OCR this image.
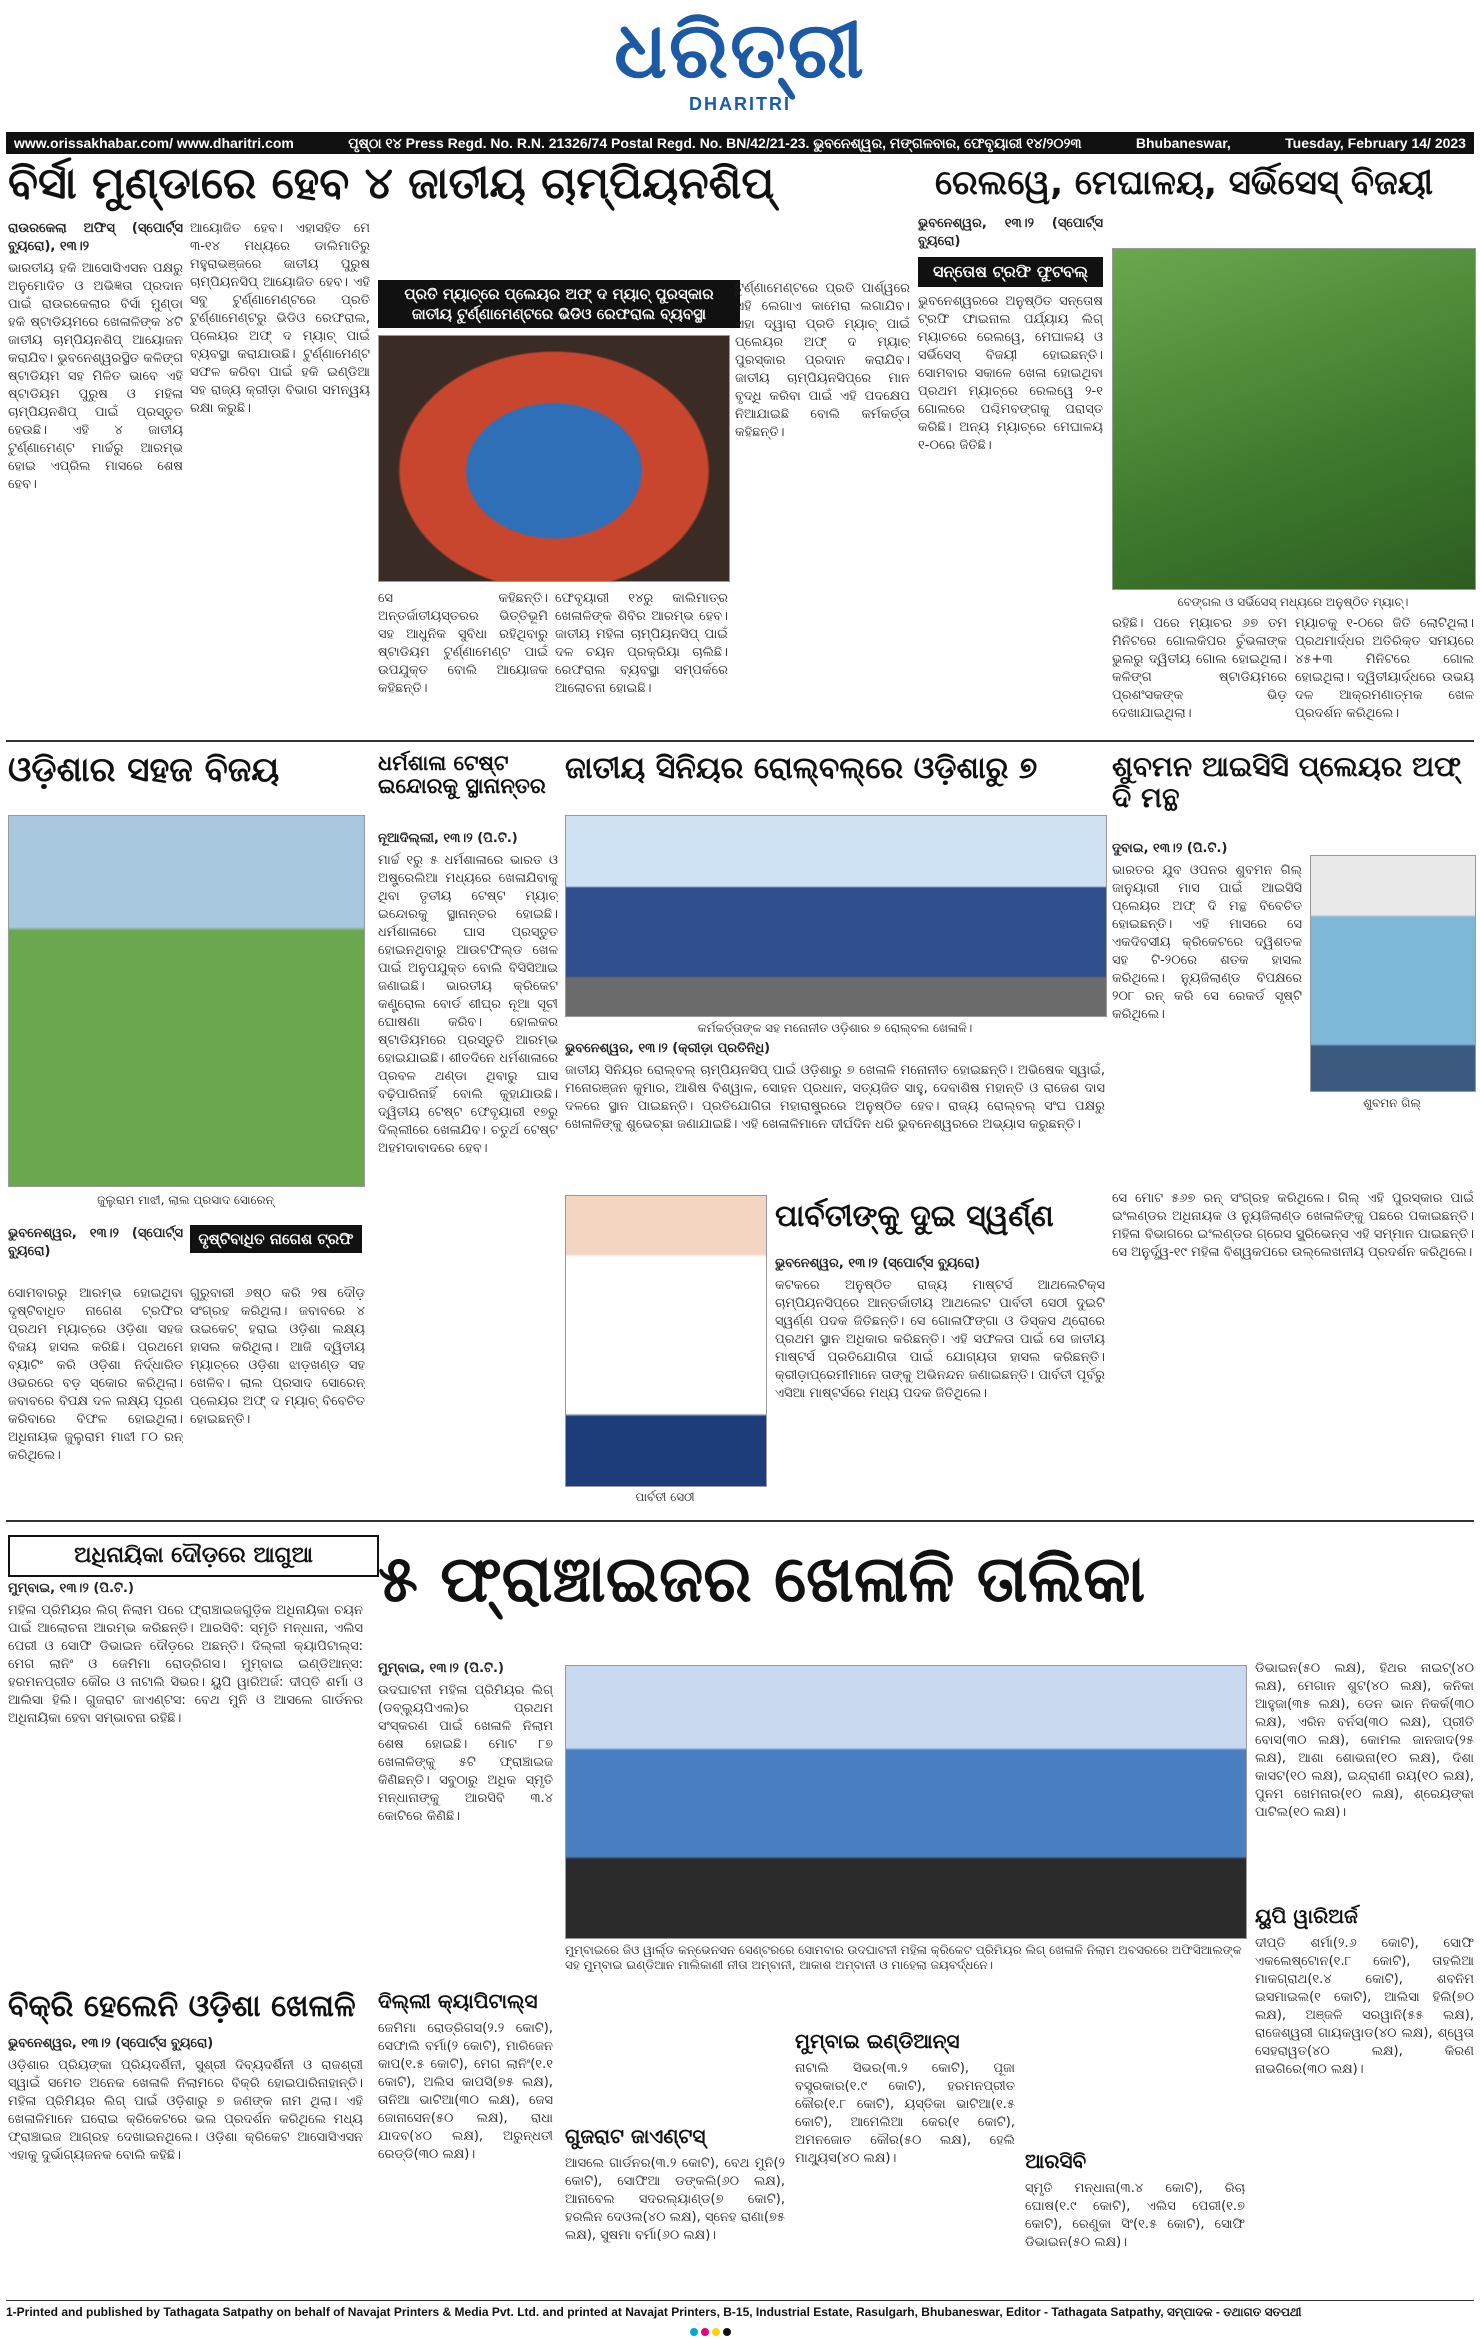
ଧରିତ୍ରୀ
DHARITRI
www.orissakhabar.com/ www.dharitri.com	ପୃଷ୍ଠା ୧୪ Press Regd. No. R.N. 21326/74 Postal Regd. No. BN/42/21-23. ଭୁବନେଶ୍ୱର, ମଙ୍ଗଳବାର, ଫେବୃୟାରୀ ୧୪/୨୦୨୩	Bhubaneswar,	Tuesday, February 14/ 2023
ବିର୍ସା ମୁଣ୍ଡାରେ ହେବ ୪ ଜାତୀୟ ଚାମ୍ପିୟନଶିପ୍
ରାଉରକେଲା ଅଫିସ୍ (ସ୍ପୋର୍ଟ୍ସ ବ୍ୟୁରୋ), ୧୩।୨

ଭାରତୀୟ ହକି ଆସୋସିଏସନ ପକ୍ଷରୁ ଅନୁମୋଦିତ ଓ ଅଭିଜ୍ଞତା ପ୍ରଦାନ ପାଇଁ ରାଉରକେଲାର ବିର୍ସା ମୁଣ୍ଡା ହକି ଷ୍ଟାଡିୟମରେ ଖେଳାଳିଙ୍କ ୪ଟି ଜାତୀୟ ଚାମ୍ପିୟନଶିପ୍ ଆୟୋଜନ କରାଯିବ। ଭୁବନେଶ୍ୱରସ୍ଥିତ କଳିଙ୍ଗ ଷ୍ଟାଡିୟମ ସହ ମିଳିତ ଭାବେ ଏହି ଷ୍ଟାଡିୟମ ପୁରୁଷ ଓ ମହିଳା ଚାମ୍ପିୟନଶିପ୍ ପାଇଁ ପ୍ରସ୍ତୁତ ହେଉଛି। ଏହି ୪ ଜାତୀୟ ଟୁର୍ଣ୍ଣାମେଣ୍ଟ ମାର୍ଚ୍ଚରୁ ଆରମ୍ଭ ହୋଇ ଏପ୍ରିଲ ମାସରେ ଶେଷ ହେବ।

ଆୟୋଜିତ ହେବ। ଏହାସହିତ ମେ ୩-୧୪ ମଧ୍ୟରେ ଡାଲିମାତିରୁ ମହୁରାଭଞ୍ଜରେ ଜାତୀୟ ପୁରୁଷ ଚାମ୍ପିୟନସିପ୍ ଆୟୋଜିତ ହେବ। ଏହି ସବୁ ଟୁର୍ଣ୍ଣାମେଣ୍ଟରେ ପ୍ରତି ଟୁର୍ଣ୍ଣାମେଣ୍ଟରୁ ଭିଡିଓ ରେଫରାଲ, ପ୍ଲେୟର ଅଫ୍ ଦ ମ୍ୟାଚ୍ ପାଇଁ ବ୍ୟବସ୍ଥା କରାଯାଉଛି। ଟୁର୍ଣ୍ଣାମେଣ୍ଟ ସଫଳ କରିବା ପାଇଁ ହକି ଇଣ୍ଡିଆ ସହ ରାଜ୍ୟ କ୍ରୀଡ଼ା ବିଭାଗ ସମନ୍ୱୟ ରକ୍ଷା କରୁଛି।

ପ୍ରତି ମ୍ୟାଚ୍‌ରେ ପ୍ଲେୟର ଅଫ୍ ଦ ମ୍ୟାଚ୍ ପୁରସ୍କାର ଜାତୀୟ ଟୁର୍ଣ୍ଣାମେଣ୍ଟରେ ଭିଡିଓ ରେଫରାଲ ବ୍ୟବସ୍ଥା

ସେ କହିଛନ୍ତି। ଅନ୍ତର୍ଜାତୀୟସ୍ତରର ଭିତ୍ତିଭୂମି ସହ ଆଧୁନିକ ସୁବିଧା ରହିଥିବାରୁ ଷ୍ଟାଡିୟମ ଟୁର୍ଣ୍ଣାମେଣ୍ଟ ପାଇଁ ଉପଯୁକ୍ତ ବୋଲି ଆୟୋଜକ କହିଛନ୍ତି।

ଫେବୃୟାରୀ ୧୪ରୁ କାଲିମାତ୍ର ଖେଳାଳିଙ୍କ ଶିବିର ଆରମ୍ଭ ହେବ। ଜାତୀୟ ମହିଳା ଚାମ୍ପିୟନସିପ୍ ପାଇଁ ଦଳ ଚୟନ ପ୍ରକ୍ରିୟା ଚାଲିଛି। ରେଫରାଲ ବ୍ୟବସ୍ଥା ସମ୍ପର୍କରେ ଆଲୋଚନା ହୋଇଛି।

ରେଲୱେ, ମେଘାଳୟ, ସର୍ଭିସେସ୍ ବିଜୟୀ

ଟୁର୍ଣ୍ଣାମେଣ୍ଟରେ ପ୍ରତି ପାର୍ଶ୍ୱରେ ଏହି ଲେଗାଏ କାମେରା ଲଗାଯିବ। ଏହା ଦ୍ୱାରା ପ୍ରତି ମ୍ୟାଚ୍ ପାଇଁ ପ୍ଲେୟର ଅଫ୍ ଦ ମ୍ୟାଚ୍ ପୁରସ୍କାର ପ୍ରଦାନ କରାଯିବ। ଜାତୀୟ ଚାମ୍ପିୟନସିପ୍‌ରେ ମାନ ବୃଦ୍ଧି କରିବା ପାଇଁ ଏହି ପଦକ୍ଷେପ ନିଆଯାଇଛି ବୋଲି କର୍ମକର୍ତ୍ତା କହିଛନ୍ତି।

ଭୁବନେଶ୍ୱର, ୧୩।୨ (ସ୍ପୋର୍ଟ୍ସ ବ୍ୟୁରୋ)
ସନ୍ତୋଷ ଟ୍ରଫି ଫୁଟବଲ୍

ଭୁବନେଶ୍ୱରରେ ଅନୁଷ୍ଠିତ ସନ୍ତୋଷ ଟ୍ରଫି ଫାଇନାଲ ପର୍ଯ୍ୟାୟ ଲିଗ୍ ମ୍ୟାଚରେ ରେଲୱେ, ମେଘାଳୟ ଓ ସର୍ଭିସେସ୍ ବିଜୟୀ ହୋଇଛନ୍ତି। ସୋମବାର ସକାଳେ ଖେଳା ହୋଇଥିବା ପ୍ରଥମ ମ୍ୟାଚ୍‌ରେ ରେଲୱେ ୨-୧ ଗୋଲରେ ପଶ୍ଚିମବଙ୍ଗକୁ ପରାସ୍ତ କରିଛି। ଅନ୍ୟ ମ୍ୟାଚ୍‌ରେ ମେଘାଳୟ ୧-୦ରେ ଜିତିଛି।

ବେଙ୍ଗଲ ଓ ସର୍ଭିସେସ୍ ମଧ୍ୟରେ ଅନୁଷ୍ଠିତ ମ୍ୟାଚ୍।

ରହିଛି। ପରେ ମ୍ୟାଚର ୬୭ ତମ ମିନିଟରେ ଗୋଲକିପର ଚୁଁଭଳାଙ୍କ ଭୁଲରୁ ଦ୍ୱିତୀୟ ଗୋଲ ହୋଇଥିଲା। କଳିଙ୍ଗ ଷ୍ଟାଡିୟମରେ ପ୍ରଶଂସକଙ୍କ ଭିଡ଼ ଦେଖାଯାଇଥିଲା।

ମ୍ୟାଚକୁ ୧-୦ରେ ଜିତି ଲୋଟିଥିଲା। ପ୍ରଥମାର୍ଦ୍ଧର ଅତିରିକ୍ତ ସମୟରେ ୪୫+୩ ମିନିଟରେ ଗୋଲ ହୋଇଥିଲା। ଦ୍ୱିତୀୟାର୍ଦ୍ଧରେ ଉଭୟ ଦଳ ଆକ୍ରମଣାତ୍ମକ ଖେଳ ପ୍ରଦର୍ଶନ କରିଥିଲେ।

ଓଡ଼ିଶାର ସହଜ ବିଜୟ
ଜୁଲୁରାମ ମାଝୀ, ଲାଲ ପ୍ରସାଦ ସୋରେନ୍
ଭୁବନେଶ୍ୱର, ୧୩।୨ (ସ୍ପୋର୍ଟ୍ସ ବ୍ୟୁରୋ)
ଦୃଷ୍ଟିବାଧିତ ନାଗେଶ ଟ୍ରଫି

ସୋମବାରରୁ ଆରମ୍ଭ ହୋଇଥିବା ଦୃଷ୍ଟିବାଧିତ ନାଗେଶ ଟ୍ରଫିର ପ୍ରଥମ ମ୍ୟାଚ୍‌ରେ ଓଡ଼ିଶା ସହଜ ବିଜୟ ହାସଲ କରିଛି। ପ୍ରଥମେ ବ୍ୟାଟିଂ କରି ଓଡ଼ିଶା ନିର୍ଦ୍ଧାରିତ ଓଭରରେ ବଡ଼ ସ୍କୋର କରିଥିଲା। ଜବାବରେ ବିପକ୍ଷ ଦଳ ଲକ୍ଷ୍ୟ ପୂରଣ କରିବାରେ ବିଫଳ ହୋଇଥିଲା। ଅଧିନାୟକ ଜୁଲୁରାମ ମାଝୀ ୮୦ ରନ୍ କରିଥିଲେ।

ଗୁରୁବାରୀ ୬ଷ୍ଠ କରି ୨ଷ ଦୌଡ଼ ସଂଗ୍ରହ କରିଥିଲା। ଜବାବରେ ୪ ଉଇକେଟ୍ ହରାଇ ଓଡ଼ିଶା ଲକ୍ଷ୍ୟ ହାସଲ କରିଥିଲା। ଆଜି ଦ୍ୱିତୀୟ ମ୍ୟାଚ୍‌ରେ ଓଡ଼ିଶା ଝାଡ଼ଖଣ୍ଡ ସହ ଖେଳିବ। ଲାଲ ପ୍ରସାଦ ସୋରେନ୍ ପ୍ଲେୟର ଅଫ୍ ଦ ମ୍ୟାଚ୍ ବିବେଚିତ ହୋଇଛନ୍ତି।

ଧର୍ମଶାଳା ଟେଷ୍ଟ ଇନ୍ଦୋରକୁ ସ୍ଥାନାନ୍ତର
ନୂଆଦିଲ୍ଲୀ, ୧୩।୨ (ପି.ଟି.)

ମାର୍ଚ୍ଚ ୧ରୁ ୫ ଧର୍ମଶାଳାରେ ଭାରତ ଓ ଅଷ୍ଟ୍ରେଲିଆ ମଧ୍ୟରେ ଖେଳାଯିବାକୁ ଥିବା ତୃତୀୟ ଟେଷ୍ଟ ମ୍ୟାଚ୍ ଇନ୍ଦୋରକୁ ସ୍ଥାନାନ୍ତର ହୋଇଛି। ଧର୍ମଶାଳାରେ ଘାସ ପ୍ରସ୍ତୁତ ହୋଇନଥିବାରୁ ଆଉଟଫିଲ୍ଡ ଖେଳ ପାଇଁ ଅନୁପଯୁକ୍ତ ବୋଲି ବିସିସିଆଇ ଜଣାଇଛି। ଭାରତୀୟ କ୍ରିକେଟ କଣ୍ଟ୍ରୋଲ ବୋର୍ଡ ଶୀଘ୍ର ନୂଆ ସୂଚୀ ଘୋଷଣା କରିବ। ହୋଲକର ଷ୍ଟାଡିୟମରେ ପ୍ରସ୍ତୁତି ଆରମ୍ଭ ହୋଇଯାଇଛି। ଶୀତଦିନେ ଧର୍ମଶାଳାରେ ପ୍ରବଳ ଥଣ୍ଡା ଥିବାରୁ ଘାସ ବଢ଼ିପାରିନାହିଁ ବୋଲି କୁହାଯାଉଛି। ଦ୍ୱିତୀୟ ଟେଷ୍ଟ ଫେବୃୟାରୀ ୧୭ରୁ ଦିଲ୍ଲୀରେ ଖେଳାଯିବ। ଚତୁର୍ଥ ଟେଷ୍ଟ ଅହମଦାବାଦରେ ହେବ।

ଜାତୀୟ ସିନିୟର ରୋଲ୍‌ବଲ୍‌ରେ ଓଡ଼ିଶାରୁ ୭
କର୍ମକର୍ତ୍ତାଙ୍କ ସହ ମନୋନୀତ ଓଡ଼ିଶାର ୭ ରୋଲ୍‌ବଲ ଖେଳାଳି।
ଭୁବନେଶ୍ୱର, ୧୩।୨ (କ୍ରୀଡ଼ା ପ୍ରତିନିଧି)

ଜାତୀୟ ସିନିୟର ରୋଲ୍‌ବଲ୍ ଚାମ୍ପିୟନସିପ୍ ପାଇଁ ଓଡ଼ିଶାରୁ ୭ ଖେଳାଳି ମନୋନୀତ ହୋଇଛନ୍ତି। ଅଭିଷେକ ସ୍ୱାଇଁ, ମନୋରଞ୍ଜନ କୁମାର, ଆଶିଷ ବିଶ୍ୱାଳ, ସୋହନ ପ୍ରଧାନ, ସତ୍ୟଜିତ ସାହୁ, ଦେବାଶିଷ ମହାନ୍ତି ଓ ରାଜେଶ ଦାସ ଦଳରେ ସ୍ଥାନ ପାଇଛନ୍ତି। ପ୍ରତିଯୋଗିତା ମହାରାଷ୍ଟ୍ରରେ ଅନୁଷ୍ଠିତ ହେବ। ରାଜ୍ୟ ରୋଲ୍‌ବଲ୍ ସଂଘ ପକ୍ଷରୁ ଖେଳାଳିଙ୍କୁ ଶୁଭେଚ୍ଛା ଜଣାଯାଇଛି। ଏହି ଖେଳାଳିମାନେ ଦୀର୍ଘଦିନ ଧରି ଭୁବନେଶ୍ୱରରେ ଅଭ୍ୟାସ କରୁଛନ୍ତି।

ପାର୍ବତୀ ସେଠୀ
ପାର୍ବତୀଙ୍କୁ ଦୁଇ ସ୍ୱର୍ଣ୍ଣ
ଭୁବନେଶ୍ୱର, ୧୩।୨ (ସ୍ପୋର୍ଟ୍ସ ବ୍ୟୁରୋ)

କଟକରେ ଅନୁଷ୍ଠିତ ରାଜ୍ୟ ମାଷ୍ଟର୍ସ ଆଥଲେଟିକ୍ସ ଚାମ୍ପିୟନସିପ୍‌ରେ ଆନ୍ତର୍ଜାତୀୟ ଆଥଲେଟ ପାର୍ବତୀ ସେଠୀ ଦୁଇଟି ସ୍ୱର୍ଣ୍ଣ ପଦକ ଜିତିଛନ୍ତି। ସେ ଗୋଳାଫିଙ୍ଗା ଓ ଡିସ୍କସ ଥ୍ରୋରେ ପ୍ରଥମ ସ୍ଥାନ ଅଧିକାର କରିଛନ୍ତି। ଏହି ସଫଳତା ପାଇଁ ସେ ଜାତୀୟ ମାଷ୍ଟର୍ସ ପ୍ରତିଯୋଗିତା ପାଇଁ ଯୋଗ୍ୟତା ହାସଲ କରିଛନ୍ତି। କ୍ରୀଡ଼ାପ୍ରେମୀମାନେ ତାଙ୍କୁ ଅଭିନନ୍ଦନ ଜଣାଇଛନ୍ତି। ପାର୍ବତୀ ପୂର୍ବରୁ ଏସିଆ ମାଷ୍ଟର୍ସରେ ମଧ୍ୟ ପଦକ ଜିତିଥିଲେ।

ଶୁବମନ ଆଇସିସି ପ୍ଲେୟର ଅଫ୍ ଦି ମନ୍ଥ
ଦୁବାଇ, ୧୩।୨ (ପି.ଟି.)

ଭାରତର ଯୁବ ଓପନର ଶୁବମନ ଗିଲ୍ ଜାନୁୟାରୀ ମାସ ପାଇଁ ଆଇସିସି ପ୍ଲେୟର ଅଫ୍ ଦି ମନ୍ଥ ବିବେଚିତ ହୋଇଛନ୍ତି। ଏହି ମାସରେ ସେ ଏକଦିବସୀୟ କ୍ରିକେଟରେ ଦ୍ୱିଶତକ ସହ ଟି-୨୦ରେ ଶତକ ହାସଲ କରିଥିଲେ। ନ୍ୟୁଜିଲାଣ୍ଡ ବିପକ୍ଷରେ ୨୦୮ ରନ୍ କରି ସେ ରେକର୍ଡ ସୃଷ୍ଟି କରିଥିଲେ।

ଶୁବମନ ଗିଲ୍

ସେ ମୋଟ ୫୬୭ ରନ୍ ସଂଗ୍ରହ କରିଥିଲେ। ଗିଲ୍ ଏହି ପୁରସ୍କାର ପାଇଁ ଇଂଲଣ୍ଡର ଅଧିନାୟକ ଓ ନ୍ୟୁଜିଲାଣ୍ଡ ଖେଳାଳିଙ୍କୁ ପଛରେ ପକାଇଛନ୍ତି। ମହିଳା ବିଭାଗରେ ଇଂଲଣ୍ଡର ଗ୍ରେସ ସ୍କ୍ରିଭେନ୍ସ ଏହି ସମ୍ମାନ ପାଇଛନ୍ତି। ସେ ଅନୁର୍ଦ୍ଧ୍ୱ-୧୯ ମହିଳା ବିଶ୍ୱକପରେ ଉଲ୍ଲେଖନୀୟ ପ୍ରଦର୍ଶନ କରିଥିଲେ।

ଅଧିନାୟିକା ଦୌଡ଼ରେ ଆଗୁଆ
ମୁମ୍ବାଇ, ୧୩।୨ (ପି.ଟି.)

ମହିଳା ପ୍ରିମିୟର ଲିଗ୍ ନିଲାମ ପରେ ଫ୍ରାଞ୍ଚାଇଜଗୁଡ଼ିକ ଅଧିନାୟିକା ଚୟନ ପାଇଁ ଆଲୋଚନା ଆରମ୍ଭ କରିଛନ୍ତି। ଆରସିବି: ସ୍ମୃତି ମନ୍ଧାନା, ଏଲିସ ପେରୀ ଓ ସୋଫି ଡିଭାଇନ ଦୌଡ଼ରେ ଅଛନ୍ତି। ଦିଲ୍ଲୀ କ୍ୟାପିଟାଲ୍ସ: ମେଗ ଲାନିଂ ଓ ଜେମିମା ରୋଡ୍ରିଗସ। ମୁମ୍ବାଇ ଇଣ୍ଡିଆନ୍ସ: ହରମନପ୍ରୀତ କୌର ଓ ନାଟାଲି ସିଭର। ୟୁପି ୱାରିଅର୍ଜ: ଦୀପ୍ତି ଶର୍ମା ଓ ଆଲିସା ହିଲି। ଗୁଜରାଟ ଜାଏଣ୍ଟସ: ବେଥ ମୁନି ଓ ଆସଲେ ଗାର୍ଡନର ଅଧିନାୟିକା ହେବା ସମ୍ଭାବନା ରହିଛି।

୫ ଫ୍ରାଞ୍ଚାଇଜର ଖେଳାଳି ତାଲିକା
ମୁମ୍ବାଇ, ୧୩।୨ (ପି.ଟି.)

ଉଦଘାଟନୀ ମହିଳା ପ୍ରିମିୟର ଲିଗ୍ (ଡବ୍ଲ୍ୟୁପିଏଲ)ର ପ୍ରଥମ ସଂସ୍କରଣ ପାଇଁ ଖେଳାଳି ନିଲାମ ଶେଷ ହୋଇଛି। ମୋଟ ୮୭ ଖେଳାଳିଙ୍କୁ ୫ଟି ଫ୍ରାଞ୍ଚାଇଜ କିଣିଛନ୍ତି। ସବୁଠାରୁ ଅଧିକ ସ୍ମୃତି ମନ୍ଧାନାଙ୍କୁ ଆରସିବି ୩.୪ କୋଟିରେ କିଣିଛି।

ମୁମ୍ବାଇରେ ଜିଓ ୱାର୍ଲ୍ଡ କନ୍‌ଭେନସନ ସେଣ୍ଟରରେ ସୋମବାର ଉଦଘାଟନୀ ମହିଳା କ୍ରିକେଟ ପ୍ରିମିୟର ଲିଗ୍ ଖେଳାଳି ନିଲାମ ଅବସରରେ ଅଫିସିଆଲଙ୍କ ସହ ମୁମ୍ବାଇ ଇଣ୍ଡିଆନ ମାଲିକାଣୀ ନୀତା ଅମ୍ବାନୀ, ଆକାଶ ଅମ୍ବାନୀ ଓ ମାହେଲା ଜୟବର୍ଦ୍ଧନେ।

ଡିଭାଇନ(୫୦ ଲକ୍ଷ), ହିଥର ନାଇଟ୍(୪୦ ଲକ୍ଷ), ମେଗାନ ଶୁଟ(୪୦ ଲକ୍ଷ), କନିକା ଆହୁଜା(୩୫ ଲକ୍ଷ), ଡେନ ଭାନ ନିକର୍କ(୩୦ ଲକ୍ଷ), ଏରିନ ବର୍ନସ(୩୦ ଲକ୍ଷ), ପ୍ରୀତି ବୋସ(୩୦ ଲକ୍ଷ), କୋମଲ ଜାନଜାଦ(୨୫ ଲକ୍ଷ), ଆଶା ଶୋଭନା(୧୦ ଲକ୍ଷ), ଦିଶା କାସଟ(୧୦ ଲକ୍ଷ), ଇନ୍ଦ୍ରାଣୀ ରୟ(୧୦ ଲକ୍ଷ), ପୁନମ ଖେମନାର(୧୦ ଲକ୍ଷ), ଶ୍ରେୟଙ୍କା ପାଟିଲ(୧୦ ଲକ୍ଷ)।

ୟୁପି ୱାରିଅର୍ଜ

ଦୀପ୍ତି ଶର୍ମା(୨.୬ କୋଟି), ସୋଫି ଏକଲେଷ୍ଟୋନ(୧.୮ କୋଟି), ତାହଲିଆ ମାକଗ୍ରାଥ(୧.୪ କୋଟି), ଶବନିମ ଇସମାଇଲ(୧ କୋଟି), ଆଲିସା ହିଲି(୭୦ ଲକ୍ଷ), ଅଞ୍ଜଳି ସରୱାନି(୫୫ ଲକ୍ଷ), ରାଜେଶ୍ୱରୀ ଗାୟକୱାଡ(୪୦ ଲକ୍ଷ), ଶ୍ୱେତା ସେହରାୱତ(୪୦ ଲକ୍ଷ), କିରଣ ନାଭଗିରେ(୩୦ ଲକ୍ଷ)।

ଦିଲ୍ଲୀ କ୍ୟାପିଟାଲ୍ସ

ଜେମିମା ରୋଡ୍ରିଗସ(୨.୨ କୋଟି), ସେଫାଲି ବର୍ମା(୨ କୋଟି), ମାରିଜେନ କାପ(୧.୫ କୋଟି), ମେଗ ଲାନିଂ(୧.୧ କୋଟି), ଅଲିସ କାପସି(୭୫ ଲକ୍ଷ), ତାନିଆ ଭାଟିଆ(୩୦ ଲକ୍ଷ), ଜେସ ଜୋନାସେନ(୫୦ ଲକ୍ଷ), ରାଧା ଯାଦବ(୪୦ ଲକ୍ଷ), ଅରୁନ୍ଧତୀ ରେଡ୍ଡି(୩୦ ଲକ୍ଷ)।

ଗୁଜରାଟ ଜାଏଣ୍ଟସ୍

ଆସଲେ ଗାର୍ଡନର(୩.୨ କୋଟି), ବେଥ ମୁନି(୨ କୋଟି), ସୋଫିଆ ଡଙ୍କଲି(୬୦ ଲକ୍ଷ), ଆନାବେଲ ସଦରଲ୍ୟାଣ୍ଡ(୭ କୋଟି), ହରଲିନ ଦେଓଲ(୪୦ ଲକ୍ଷ), ସ୍ନେହ ରାଣା(୭୫ ଲକ୍ଷ), ସୁଷମା ବର୍ମା(୬୦ ଲକ୍ଷ)।

ମୁମ୍ବାଇ ଇଣ୍ଡିଆନ୍ସ

ନାଟାଲି ସିଭର(୩.୨ କୋଟି), ପୂଜା ବସ୍ତ୍ରକାର(୧.୯ କୋଟି), ହରମନପ୍ରୀତ କୌର(୧.୮ କୋଟି), ୟସ୍ତିକା ଭାଟିଆ(୧.୫ କୋଟି), ଆମେଲିଆ କେର(୧ କୋଟି), ଅମନଜୋତ କୌର(୫୦ ଲକ୍ଷ), ହେଲି ମାଥ୍ୟୁସ(୪୦ ଲକ୍ଷ)।	ଆରସିବି

ସ୍ମୃତି ମନ୍ଧାନା(୩.୪ କୋଟି), ରିଚା ଘୋଷ(୧.୯ କୋଟି), ଏଲିସ ପେରୀ(୧.୭ କୋଟି), ରେଣୁକା ସିଂ(୧.୫ କୋଟି), ସୋଫି ଡିଭାଇନ(୫୦ ଲକ୍ଷ)।

ବିକ୍ରି ହେଲେନି ଓଡ଼ିଶା ଖେଳାଳି
ଭୁବନେଶ୍ୱର, ୧୩।୨ (ସ୍ପୋର୍ଟ୍ସ ବ୍ୟୁରୋ)

ଓଡ଼ିଶାର ପ୍ରିୟଙ୍କା ପ୍ରିୟଦର୍ଶିନୀ, ସୁଶ୍ରୀ ଦିବ୍ୟଦର୍ଶିନୀ ଓ ରାଜଶ୍ରୀ ସ୍ୱାଇଁ ସମେତ ଅନେକ ଖେଳାଳି ନିଲାମରେ ବିକ୍ରି ହୋଇପାରିନାହାନ୍ତି। ମହିଳା ପ୍ରିମିୟର ଲିଗ୍ ପାଇଁ ଓଡ଼ିଶାରୁ ୭ ଜଣଙ୍କ ନାମ ଥିଲା। ଏହି ଖେଳାଳିମାନେ ଘରୋଇ କ୍ରିକେଟରେ ଭଲ ପ୍ରଦର୍ଶନ କରିଥିଲେ ମଧ୍ୟ ଫ୍ରାଞ୍ଚାଇଜ ଆଗ୍ରହ ଦେଖାଇନଥିଲେ। ଓଡ଼ିଶା କ୍ରିକେଟ ଆସୋସିଏସନ ଏହାକୁ ଦୁର୍ଭାଗ୍ୟଜନକ ବୋଲି କହିଛି।

1-Printed and published by Tathagata Satpathy on behalf of Navajat Printers & Media Pvt. Ltd. and printed at Navajat Printers, B-15, Industrial Estate, Rasulgarh, Bhubaneswar, Editor - Tathagata Satpathy, ସମ୍ପାଦକ - ତଥାଗତ ସତପଥୀ
